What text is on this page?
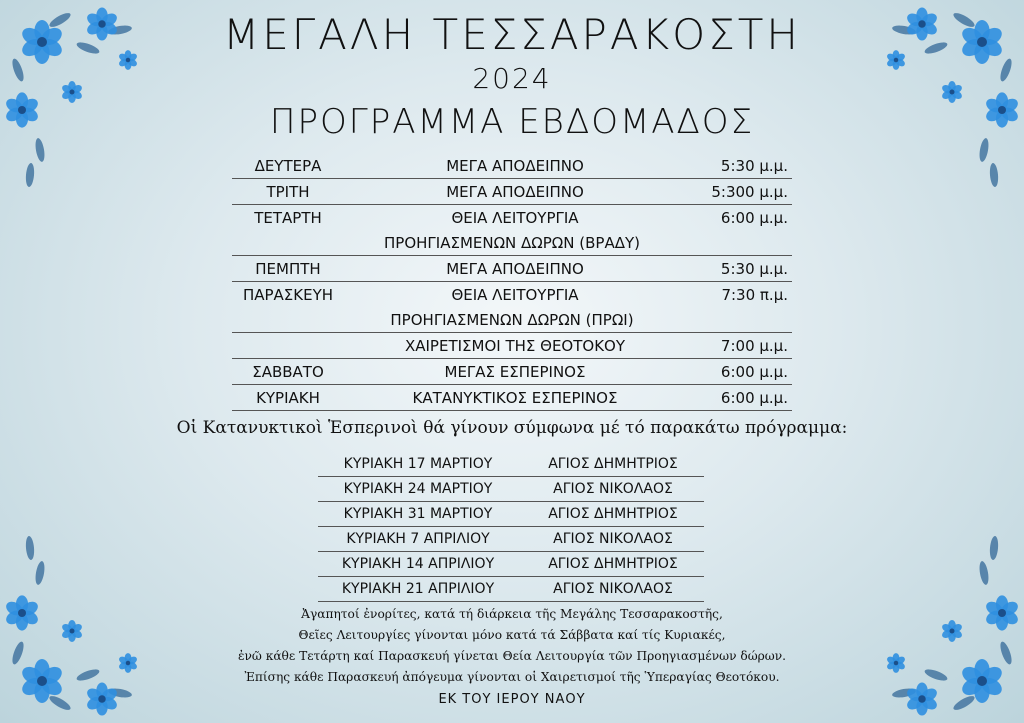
ΜΕΓΑΛΗ ΤΕΣΣΑΡΑΚΟΣΤΗ
2024
ΠΡΟΓΡΑΜΜΑ ΕΒΔΟΜΑΔΟΣ
ΔΕΥΤΕΡΑ	ΜΕΓΑ ΑΠΟΔΕΙΠΝΟ	5:30 μ.μ.
ΤΡΙΤΗ	ΜΕΓΑ ΑΠΟΔΕΙΠΝΟ	5:300 μ.μ.
ΤΕΤΑΡΤΗ	ΘΕΙΑ ΛΕΙΤΟΥΡΓΙΑ	6:00 μ.μ.
ΠΡΟΗΓΙΑΣΜΕΝΩΝ ΔΩΡΩΝ (ΒΡΑΔΥ)
ΠΕΜΠΤΗ	ΜΕΓΑ ΑΠΟΔΕΙΠΝΟ	5:30 μ.μ.
ΠΑΡΑΣΚΕΥΗ	ΘΕΙΑ ΛΕΙΤΟΥΡΓΙΑ	7:30 π.μ.
ΠΡΟΗΓΙΑΣΜΕΝΩΝ ΔΩΡΩΝ (ΠΡΩΙ)
ΧΑΙΡΕΤΙΣΜΟΙ ΤΗΣ ΘΕΟΤΟΚΟΥ	7:00 μ.μ.
ΣΑΒΒΑΤΟ	ΜΕΓΑΣ ΕΣΠΕΡΙΝΟΣ	6:00 μ.μ.
ΚΥΡΙΑΚΗ	ΚΑΤΑΝΥΚΤΙΚΟΣ ΕΣΠΕΡΙΝΟΣ	6:00 μ.μ.
Οἱ Κατανυκτικοὶ Ἑσπερινοὶ θά γίνουν σύμφωνα μέ τό παρακάτω πρόγραμμα:
ΚΥΡΙΑΚΗ 17 ΜΑΡΤΙΟΥ	ΑΓΙΟΣ ΔΗΜΗΤΡΙΟΣ
ΚΥΡΙΑΚΗ 24 ΜΑΡΤΙΟΥ	ΑΓΙΟΣ ΝΙΚΟΛΑΟΣ
ΚΥΡΙΑΚΗ 31 ΜΑΡΤΙΟΥ	ΑΓΙΟΣ ΔΗΜΗΤΡΙΟΣ
ΚΥΡΙΑΚΗ 7 ΑΠΡΙΛΙΟΥ	ΑΓΙΟΣ ΝΙΚΟΛΑΟΣ
ΚΥΡΙΑΚΗ 14 ΑΠΡΙΛΙΟΥ	ΑΓΙΟΣ ΔΗΜΗΤΡΙΟΣ
ΚΥΡΙΑΚΗ 21 ΑΠΡΙΛΙΟΥ	ΑΓΙΟΣ ΝΙΚΟΛΑΟΣ
Ἀγαπητοί ἐνορίτες, κατά τή διάρκεια τῆς Μεγάλης Τεσσαρακοστῆς,
Θεῖες Λειτουργίες γίνονται μόνο κατά τά Σάββατα καί τίς Κυριακές,
ἐνῶ κάθε Τετάρτη καί Παρασκευή γίνεται Θεία Λειτουργία τῶν Προηγιασμένων δώρων.
Ἐπίσης κάθε Παρασκευή ἀπόγευμα γίνονται οἱ Χαιρετισμοί τῆς Ὑπεραγίας Θεοτόκου.
ΕΚ ΤΟΥ ΙΕΡΟΥ ΝΑΟΥ
